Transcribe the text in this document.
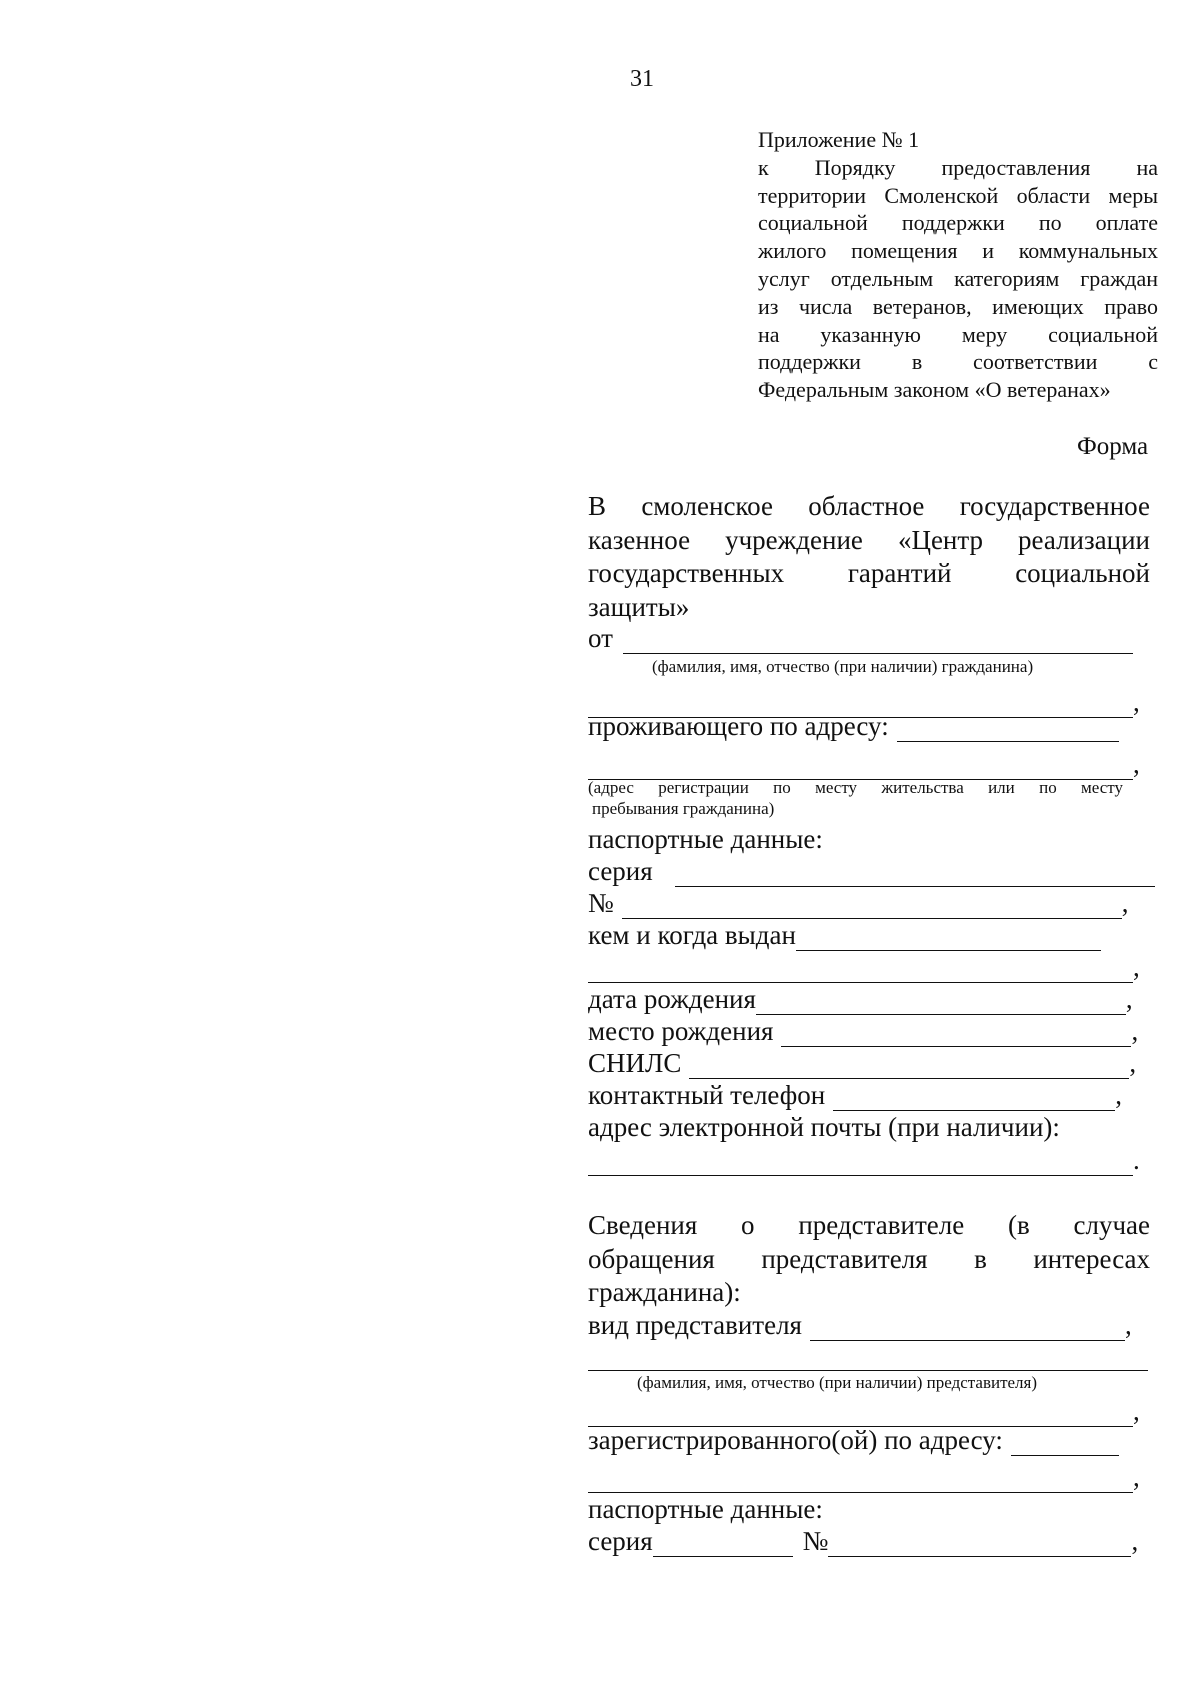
31
Приложение № 1
к Порядку предоставления на
территории Смоленской области меры
социальной поддержки по оплате
жилого помещения и коммунальных
услуг отдельным категориям граждан
из числа ветеранов, имеющих право
на указанную меру социальной
поддержки в соответствии с
Федеральным законом «О ветеранах»
Форма
В смоленское областное государственное
казенное учреждение «Центр реализации
государственных гарантий социальной
защиты»
от
(фамилия, имя, отчество (при наличии) гражданина)
,
проживающего по адресу:
,
(адрес регистрации по месту жительства или по месту
пребывания гражданина)
паспортные данные:
серия
№	,
кем и когда выдан
,
дата рождения	,
место рождения	,
СНИЛС	,
контактный телефон	,
адрес электронной почты (при наличии):
.
Сведения о представителе (в случае
обращения представителя в интересах
гражданина):
вид представителя	,
(фамилия, имя, отчество (при наличии) представителя)
,
зарегистрированного(ой) по адресу:
,
паспортные данные:
серия	№	,
